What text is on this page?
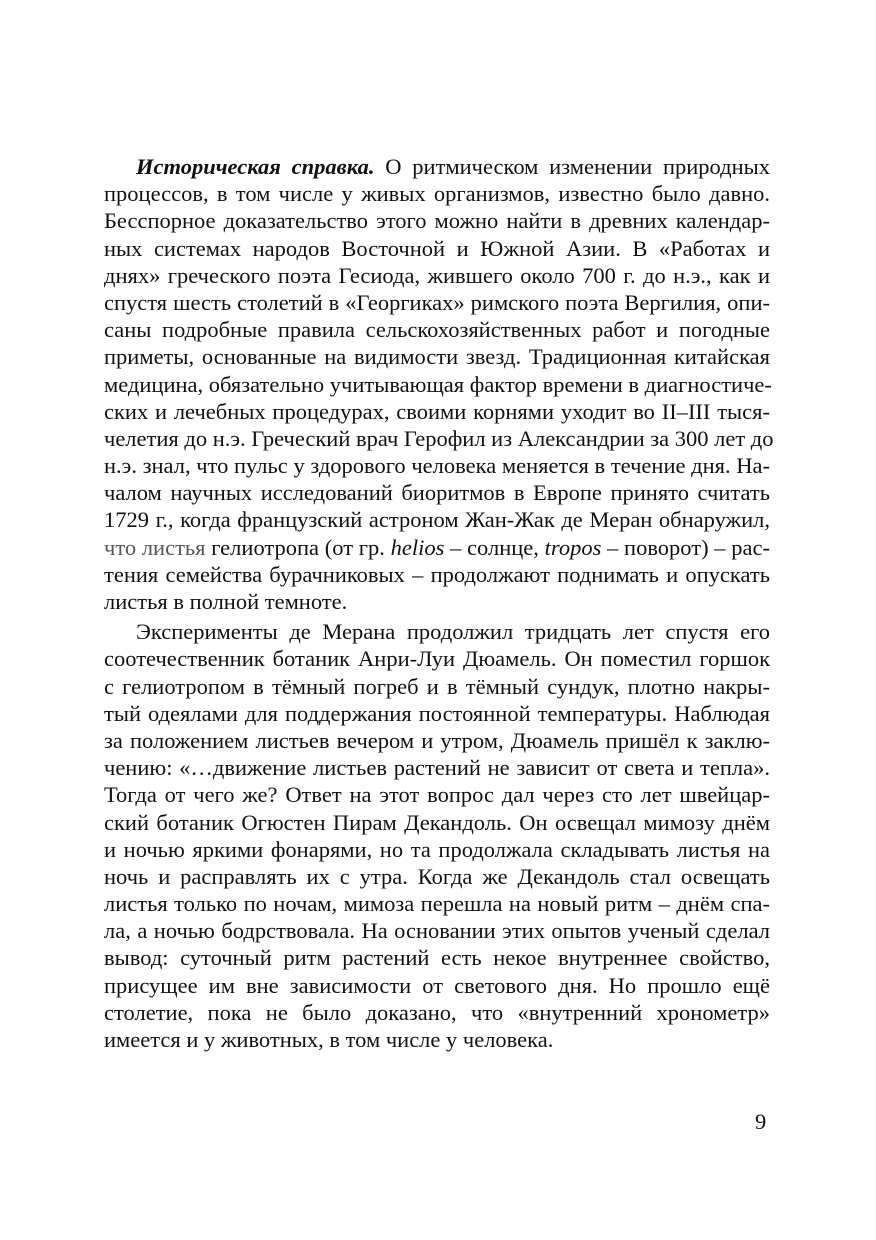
Историческая справка. О ритмическом изменении природных
процессов, в том числе у живых организмов, известно было давно.
Бесспорное доказательство этого можно найти в древних календар-
ных системах народов Восточной и Южной Азии. В «Работах и
днях» греческого поэта Гесиода, жившего около 700 г. до н.э., как и
спустя шесть столетий в «Георгиках» римского поэта Вергилия, опи-
саны подробные правила сельскохозяйственных работ и погодные
приметы, основанные на видимости звезд. Традиционная китайская
медицина, обязательно учитывающая фактор времени в диагностиче-
ских и лечебных процедурах, своими корнями уходит во II–III тыся-
челетия до н.э. Греческий врач Герофил из Александрии за 300 лет до
н.э. знал, что пульс у здорового человека меняется в течение дня. На-
чалом научных исследований биоритмов в Европе принято считать
1729 г., когда французский астроном Жан-Жак де Меран обнаружил,
что листья гелиотропа (от гр. helios – солнце, tropos – поворот) – рас-
тения семейства бурачниковых – продолжают поднимать и опускать
листья в полной темноте.
Эксперименты де Мерана продолжил тридцать лет спустя его
соотечественник ботаник Анри-Луи Дюамель. Он поместил горшок
с гелиотропом в тёмный погреб и в тёмный сундук, плотно накры-
тый одеялами для поддержания постоянной температуры. Наблюдая
за положением листьев вечером и утром, Дюамель пришёл к заклю-
чению: «…движение листьев растений не зависит от света и тепла».
Тогда от чего же? Ответ на этот вопрос дал через сто лет швейцар-
ский ботаник Огюстен Пирам Декандоль. Он освещал мимозу днём
и ночью яркими фонарями, но та продолжала складывать листья на
ночь и расправлять их с утра. Когда же Декандоль стал освещать
листья только по ночам, мимоза перешла на новый ритм – днём спа-
ла, а ночью бодрствовала. На основании этих опытов ученый сделал
вывод: суточный ритм растений есть некое внутреннее свойство,
присущее им вне зависимости от светового дня. Но прошло ещё
столетие, пока не было доказано, что «внутренний хронометр»
имеется и у животных, в том числе у человека.
9
